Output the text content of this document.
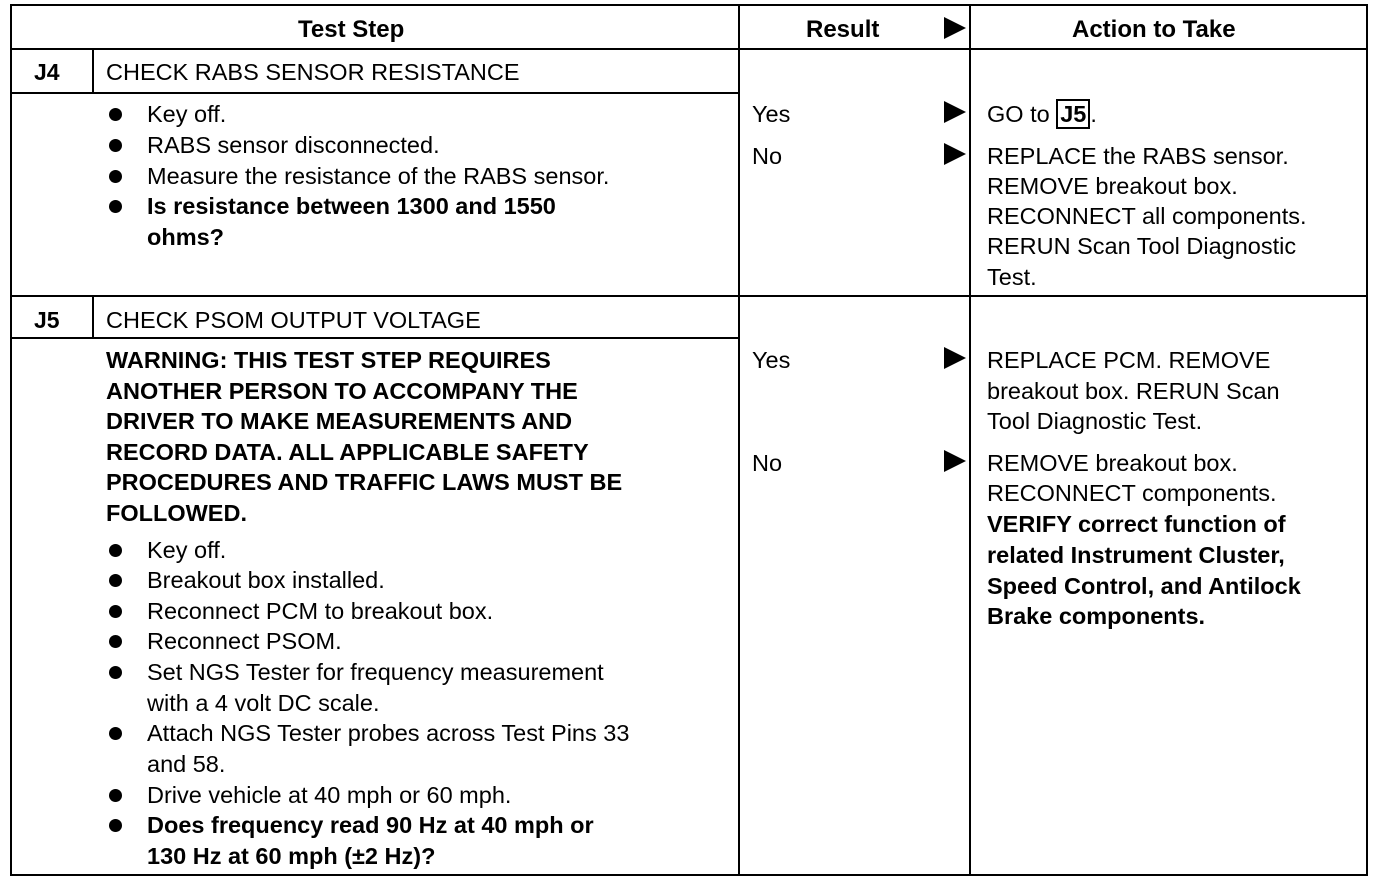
Test Step	Result	Action to Take
J4 CHECK RABS SENSOR RESISTANCE
Key off.
RABS sensor disconnected.
Measure the resistance of the RABS sensor.
Is resistance between 1300 and 1550
ohms?
Yes	GO to J5 .
No	REPLACE the RABS sensor.
REMOVE breakout box.
RECONNECT all components.
RERUN Scan Tool Diagnostic
Test.
J5 CHECK PSOM OUTPUT VOLTAGE
WARNING: THIS TEST STEP REQUIRES
ANOTHER PERSON TO ACCOMPANY THE
DRIVER TO MAKE MEASUREMENTS AND
RECORD DATA. ALL APPLICABLE SAFETY
PROCEDURES AND TRAFFIC LAWS MUST BE
FOLLOWED.
Key off.
Breakout box installed.
Reconnect PCM to breakout box.
Reconnect PSOM.
Set NGS Tester for frequency measurement
with a 4 volt DC scale.
Attach NGS Tester probes across Test Pins 33
and 58.
Drive vehicle at 40 mph or 60 mph.
Does frequency read 90 Hz at 40 mph or
130 Hz at 60 mph (±2 Hz)?
Yes	REPLACE PCM. REMOVE
breakout box. RERUN Scan
Tool Diagnostic Test.
No	REMOVE breakout box.
RECONNECT components.
VERIFY correct function of
related Instrument Cluster,
Speed Control, and Antilock
Brake components.
